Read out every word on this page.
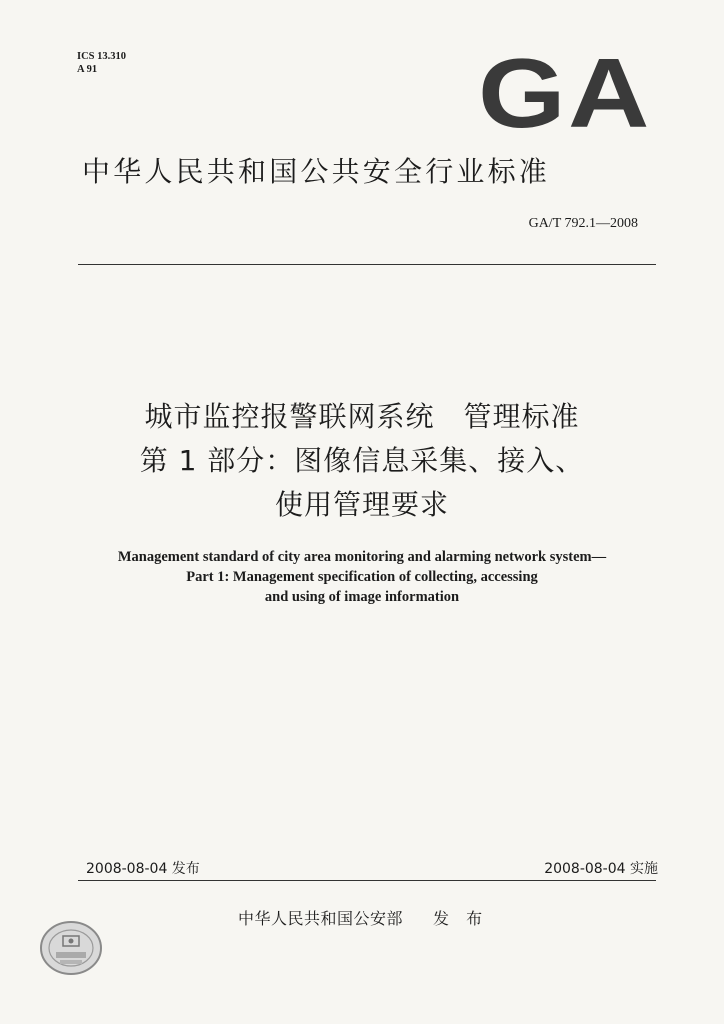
ICS 13.310
A 91	GA
中华人民共和国公共安全行业标准
GA/T 792.1—2008
城市监控报警联网系统　管理标准
第 1 部分：图像信息采集、接入、
使用管理要求
Management standard of city area monitoring and alarming network system—
Part 1: Management specification of collecting, accessing
and using of image information
2008-08-04 发布	2008-08-04 实施
中华人民共和国公安部 发 布
